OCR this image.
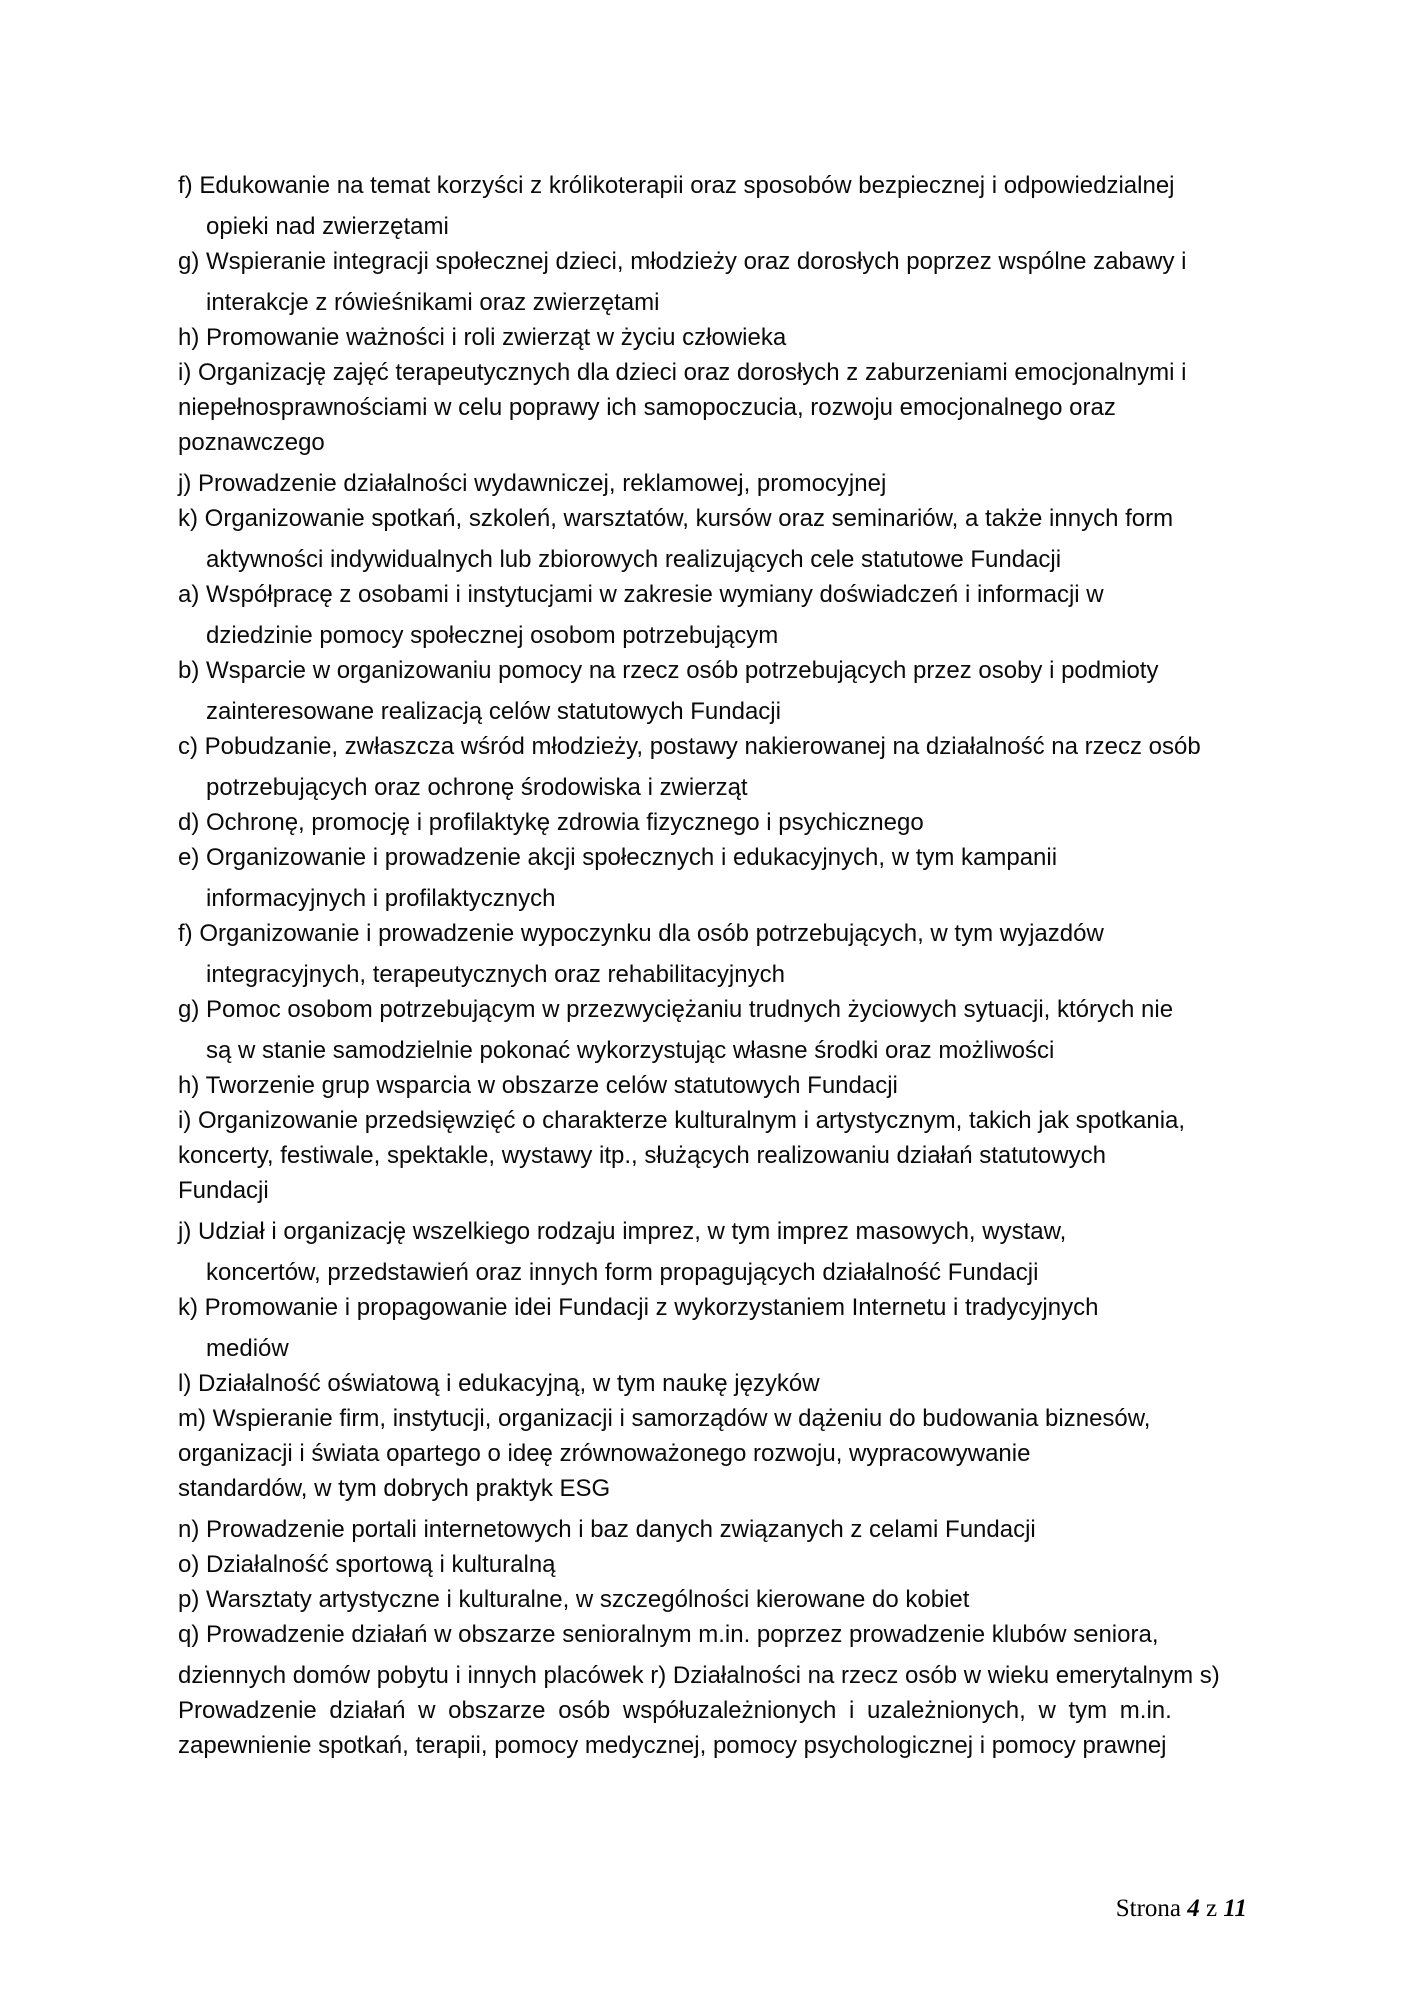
f) Edukowanie na temat korzyści z królikoterapii oraz sposobów bezpiecznej i odpowiedzialnej
opieki nad zwierzętami
g) Wspieranie integracji społecznej dzieci, młodzieży oraz dorosłych poprzez wspólne zabawy i
interakcje z rówieśnikami oraz zwierzętami
h) Promowanie ważności i roli zwierząt w życiu człowieka
i) Organizację zajęć terapeutycznych dla dzieci oraz dorosłych z zaburzeniami emocjonalnymi i
niepełnosprawnościami w celu poprawy ich samopoczucia, rozwoju emocjonalnego oraz
poznawczego
j) Prowadzenie działalności wydawniczej, reklamowej, promocyjnej
k) Organizowanie spotkań, szkoleń, warsztatów, kursów oraz seminariów, a także innych form
aktywności indywidualnych lub zbiorowych realizujących cele statutowe Fundacji
a) Współpracę z osobami i instytucjami w zakresie wymiany doświadczeń i informacji w
dziedzinie pomocy społecznej osobom potrzebującym
b) Wsparcie w organizowaniu pomocy na rzecz osób potrzebujących przez osoby i podmioty
zainteresowane realizacją celów statutowych Fundacji
c) Pobudzanie, zwłaszcza wśród młodzieży, postawy nakierowanej na działalność na rzecz osób
potrzebujących oraz ochronę środowiska i zwierząt
d) Ochronę, promocję i profilaktykę zdrowia fizycznego i psychicznego
e) Organizowanie i prowadzenie akcji społecznych i edukacyjnych, w tym kampanii
informacyjnych i profilaktycznych
f) Organizowanie i prowadzenie wypoczynku dla osób potrzebujących, w tym wyjazdów
integracyjnych, terapeutycznych oraz rehabilitacyjnych
g) Pomoc osobom potrzebującym w przezwyciężaniu trudnych życiowych sytuacji, których nie
są w stanie samodzielnie pokonać wykorzystując własne środki oraz możliwości
h) Tworzenie grup wsparcia w obszarze celów statutowych Fundacji
i) Organizowanie przedsięwzięć o charakterze kulturalnym i artystycznym, takich jak spotkania,
koncerty, festiwale, spektakle, wystawy itp., służących realizowaniu działań statutowych
Fundacji
j) Udział i organizację wszelkiego rodzaju imprez, w tym imprez masowych, wystaw,
koncertów, przedstawień oraz innych form propagujących działalność Fundacji
k) Promowanie i propagowanie idei Fundacji z wykorzystaniem Internetu i tradycyjnych
mediów
l) Działalność oświatową i edukacyjną, w tym naukę języków
m) Wspieranie firm, instytucji, organizacji i samorządów w dążeniu do budowania biznesów,
organizacji i świata opartego o ideę zrównoważonego rozwoju, wypracowywanie
standardów, w tym dobrych praktyk ESG
n) Prowadzenie portali internetowych i baz danych związanych z celami Fundacji
o) Działalność sportową i kulturalną
p) Warsztaty artystyczne i kulturalne, w szczególności kierowane do kobiet
q) Prowadzenie działań w obszarze senioralnym m.in. poprzez prowadzenie klubów seniora,
dziennych domów pobytu i innych placówek r) Działalności na rzecz osób w wieku emerytalnym s)
Prowadzenie działań w obszarze osób współuzależnionych i uzależnionych, w tym m.in.
zapewnienie spotkań, terapii, pomocy medycznej, pomocy psychologicznej i pomocy prawnej
Strona 4 z 11
